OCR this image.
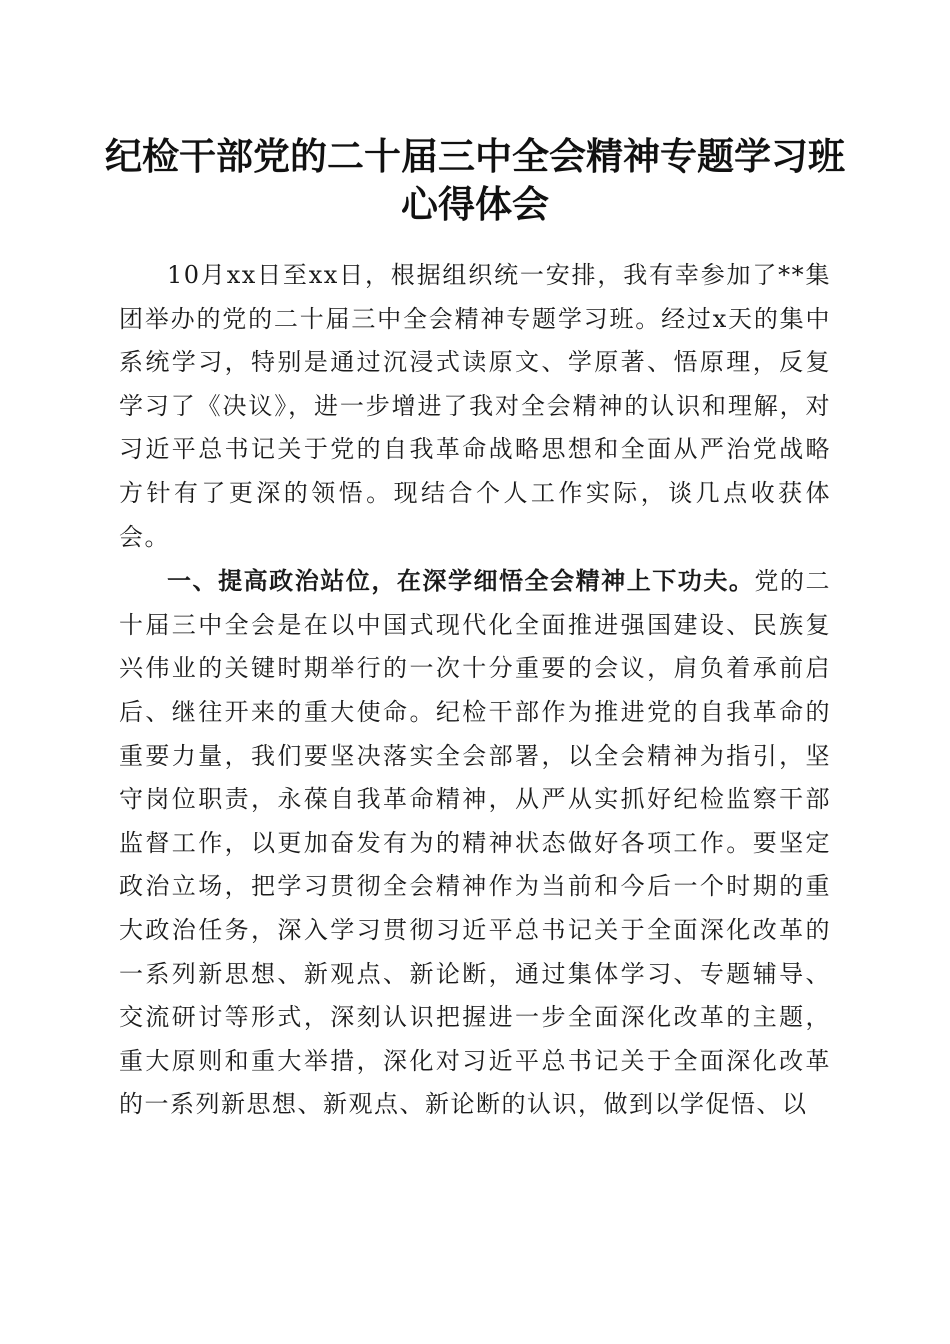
纪检干部党的二十届三中全会精神专题学习班
心得体会

10月xx日至xx日，根据组织统一安排，我有幸参加了**集团举办的党的二十届三中全会精神专题学习班。经过x天的集中系统学习，特别是通过沉浸式读原文、学原著、悟原理，反复学习了《决议》，进一步增进了我对全会精神的认识和理解，对习近平总书记关于党的自我革命战略思想和全面从严治党战略方针有了更深的领悟。现结合个人工作实际，谈几点收获体会。

一、提高政治站位，在深学细悟全会精神上下功夫。党的二十届三中全会是在以中国式现代化全面推进强国建设、民族复兴伟业的关键时期举行的一次十分重要的会议，肩负着承前启后、继往开来的重大使命。纪检干部作为推进党的自我革命的重要力量，我们要坚决落实全会部署，以全会精神为指引，坚守岗位职责，永葆自我革命精神，从严从实抓好纪检监察干部监督工作，以更加奋发有为的精神状态做好各项工作。要坚定政治立场，把学习贯彻全会精神作为当前和今后一个时期的重大政治任务，深入学习贯彻习近平总书记关于全面深化改革的一系列新思想、新观点、新论断，通过集体学习、专题辅导、交流研讨等形式，深刻认识把握进一步全面深化改革的主题，重大原则和重大举措，深化对习近平总书记关于全面深化改革的一系列新思想、新观点、新论断的认识，做到以学促悟、以
